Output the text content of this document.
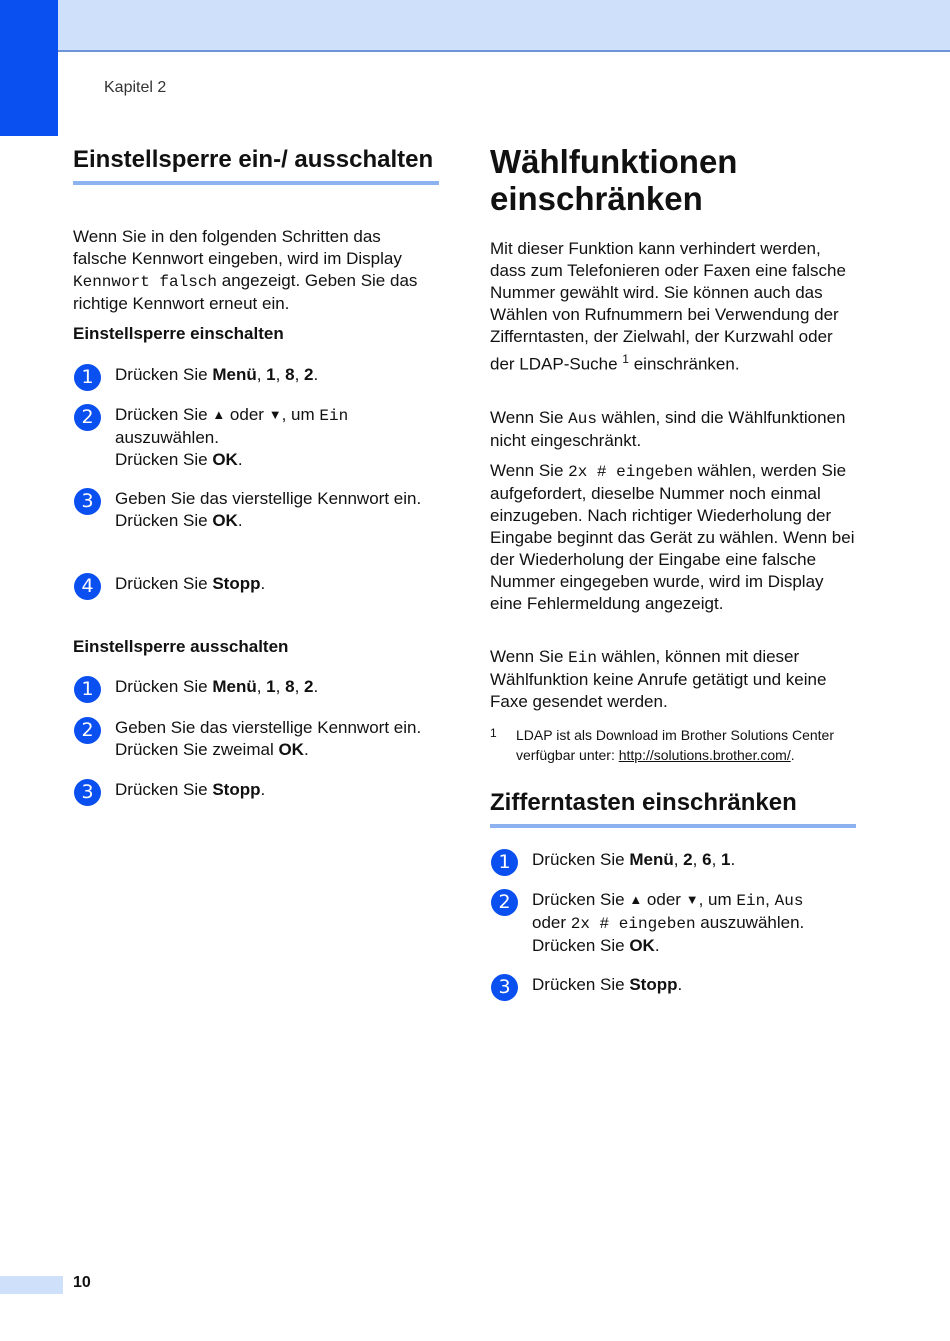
Kapitel 2
Einstellsperre ein-/ ausschalten

Wenn Sie in den folgenden Schritten das falsche Kennwort eingeben, wird im Display Kennwort falsch angezeigt. Geben Sie das richtige Kennwort erneut ein.

Einstellsperre einschalten

1	Drücken Sie Menü, 1, 8, 2.
2	Drücken Sie ▲ oder ▼, um Ein
auszuwählen.
Drücken Sie OK.
3	Geben Sie das vierstellige Kennwort ein.
Drücken Sie OK.
4	Drücken Sie Stopp.

Einstellsperre ausschalten

1	Drücken Sie Menü, 1, 8, 2.
2	Geben Sie das vierstellige Kennwort ein. Drücken Sie zweimal OK.
3	Drücken Sie Stopp.
Wählfunktionen einschränken

Mit dieser Funktion kann verhindert werden, dass zum Telefonieren oder Faxen eine falsche Nummer gewählt wird. Sie können auch das Wählen von Rufnummern bei Verwendung der Zifferntasten, der Zielwahl, der Kurzwahl oder der LDAP-Suche $^1$ einschränken.

Wenn Sie Aus wählen, sind die Wählfunktionen nicht eingeschränkt.

Wenn Sie 2x # eingeben wählen, werden Sie aufgefordert, dieselbe Nummer noch einmal einzugeben. Nach richtiger Wiederholung der Eingabe beginnt das Gerät zu wählen. Wenn bei der Wiederholung der Eingabe eine falsche Nummer eingegeben wurde, wird im Display eine Fehlermeldung angezeigt.

Wenn Sie Ein wählen, können mit dieser Wählfunktion keine Anrufe getätigt und keine Faxe gesendet werden.

1 LDAP ist als Download im Brother Solutions Center verfügbar unter: http://solutions.brother.com/.
Zifferntasten einschränken
1	Drücken Sie Menü, 2, 6, 1.
2	Drücken Sie ▲ oder ▼, um Ein, Aus
oder 2x # eingeben auszuwählen.
Drücken Sie OK.
3	Drücken Sie Stopp.
10
